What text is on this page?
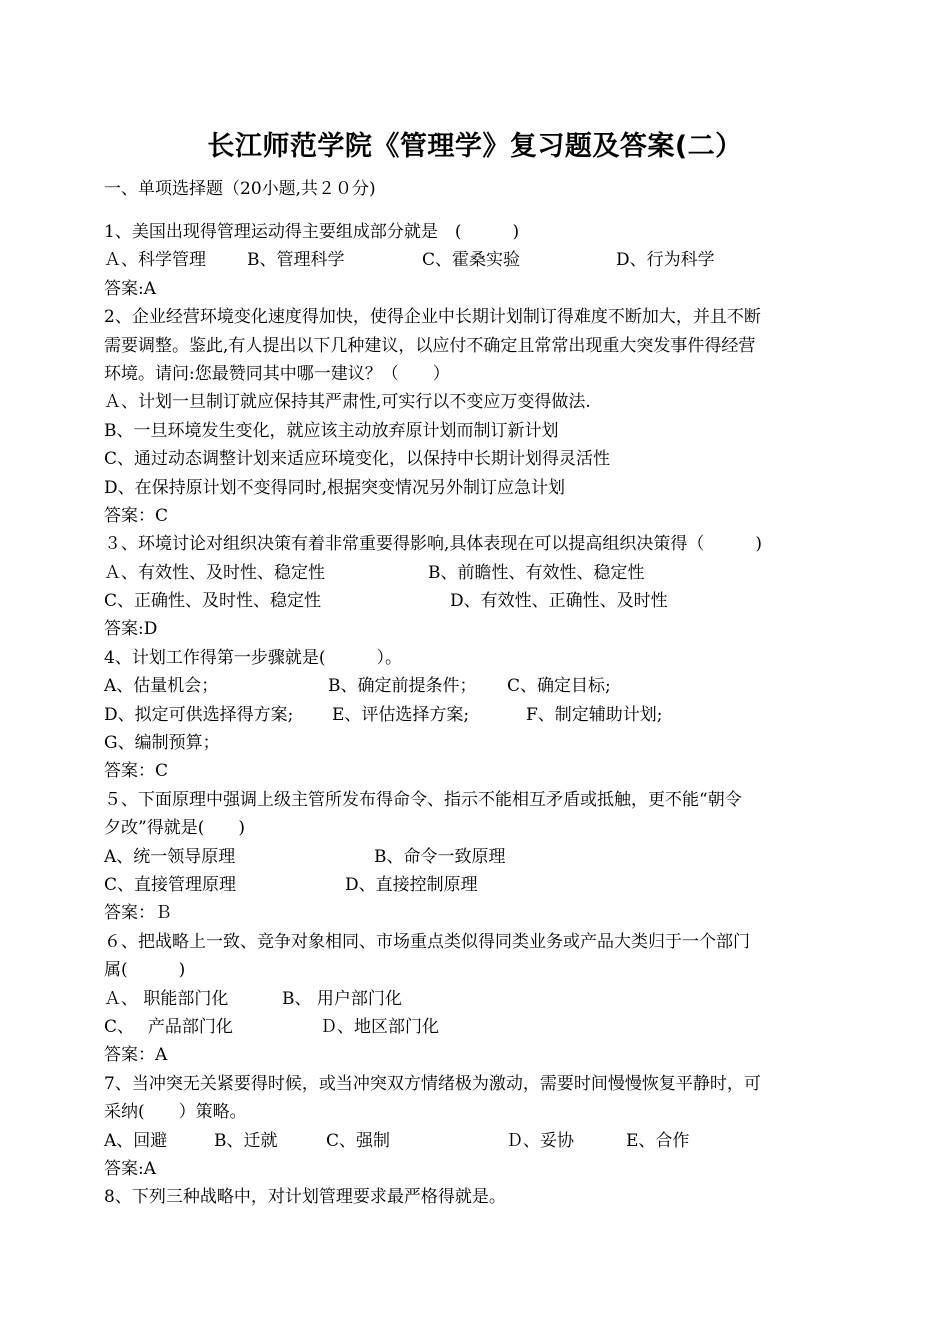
长江师范学院《管理学》复习题及答案(二）
一、单项选择题（20小题,共２０分)
1、美国出现得管理运动得主要组成部分就是　(　　　)
Ａ、科学管理 B、管理科学	C、霍桑实验	D、行为科学
答案:A
2、企业经营环境变化速度得加快，使得企业中长期计划制订得难度不断加大，并且不断
需要调整。鉴此,有人提出以下几种建议，以应付不确定且常常出现重大突发事件得经营
环境。请问:您最赞同其中哪一建议？（　　）
Ａ、计划一旦制订就应保持其严肃性,可实行以不变应万变得做法.
B、一旦环境发生变化，就应该主动放弃原计划而制订新计划
C、通过动态调整计划来适应环境变化，以保持中长期计划得灵活性
D、在保持原计划不变得同时,根据突变情况另外制订应急计划
答案：C
３、环境讨论对组织决策有着非常重要得影响,具体表现在可以提高组织决策得（　　　)
Ａ、有效性、及时性、稳定性	B、前瞻性、有效性、稳定性
C、正确性、及时性、稳定性	D、有效性、正确性、及时性
答案:D
4、计划工作得第一步骤就是(　　　）。
A、估量机会；	B、确定前提条件； C、确定目标;
D、拟定可供选择得方案; E、评估选择方案;	F、制定辅助计划;
G、编制预算；
答案：C
５、下面原理中强调上级主管所发布得命令、指示不能相互矛盾或抵触，更不能“朝令
夕改”得就是(　　)
A、统一领导原理	B、命令一致原理
C、直接管理原理	D、直接控制原理
答案：Ｂ
６、把战略上一致、竞争对象相同、市场重点类似得同类业务或产品大类归于一个部门
属(　　　)
Ａ、 职能部门化	B、 用户部门化
C、　 产品部门化	Ｄ、地区部门化
答案：A
7、当冲突无关紧要得时候，或当冲突双方情绪极为激动，需要时间慢慢恢复平静时，可
采纳(　　）策略。
A、回避	B、迁就	C、强制	Ｄ、妥协	E、合作
答案:A
8、下列三种战略中，对计划管理要求最严格得就是。
